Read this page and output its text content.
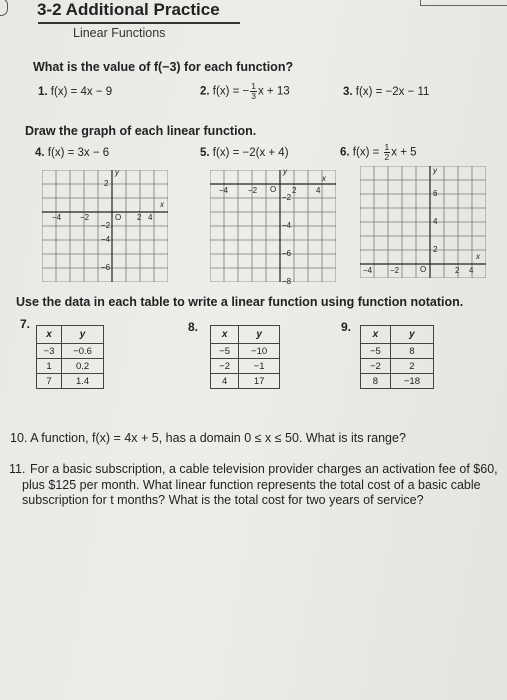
3-2 Additional Practice
Linear Functions
What is the value of f(−3) for each function?
1. f(x) = 4x − 9	2. f(x) = − $\frac{1}{3}$ x + 13	3. f(x) = −2x − 11
Draw the graph of each linear function.
4. f(x) = 3x − 6	5. f(x) = −2(x + 4)	6. $f(x) = \frac{1}{2}$ x + 5
y
x
O
−4 −2	2 4
2
−2
−4
−6
y
x
O
−4 −2	2 4
−2
−4
−6
−8
y
x
O
−4 −2	2 4
6
4
2
Use the data in each table to write a linear function using function notation.
7.
x	y
−3	−0.6
1	0.2
7	1.4
8.
x	y
−5	−10
−2	−1
4	17
9.
x	y
−5	8
−2	2
8	−18
10. A function, f(x) = 4x + 5, has a domain 0 ≤ x ≤ 50. What is its range?
11. For a basic subscription, a cable television provider charges an activation fee of $60, plus $125 per month. What linear function represents the total cost of a basic cable subscription for t months? What is the total cost for two years of service?
